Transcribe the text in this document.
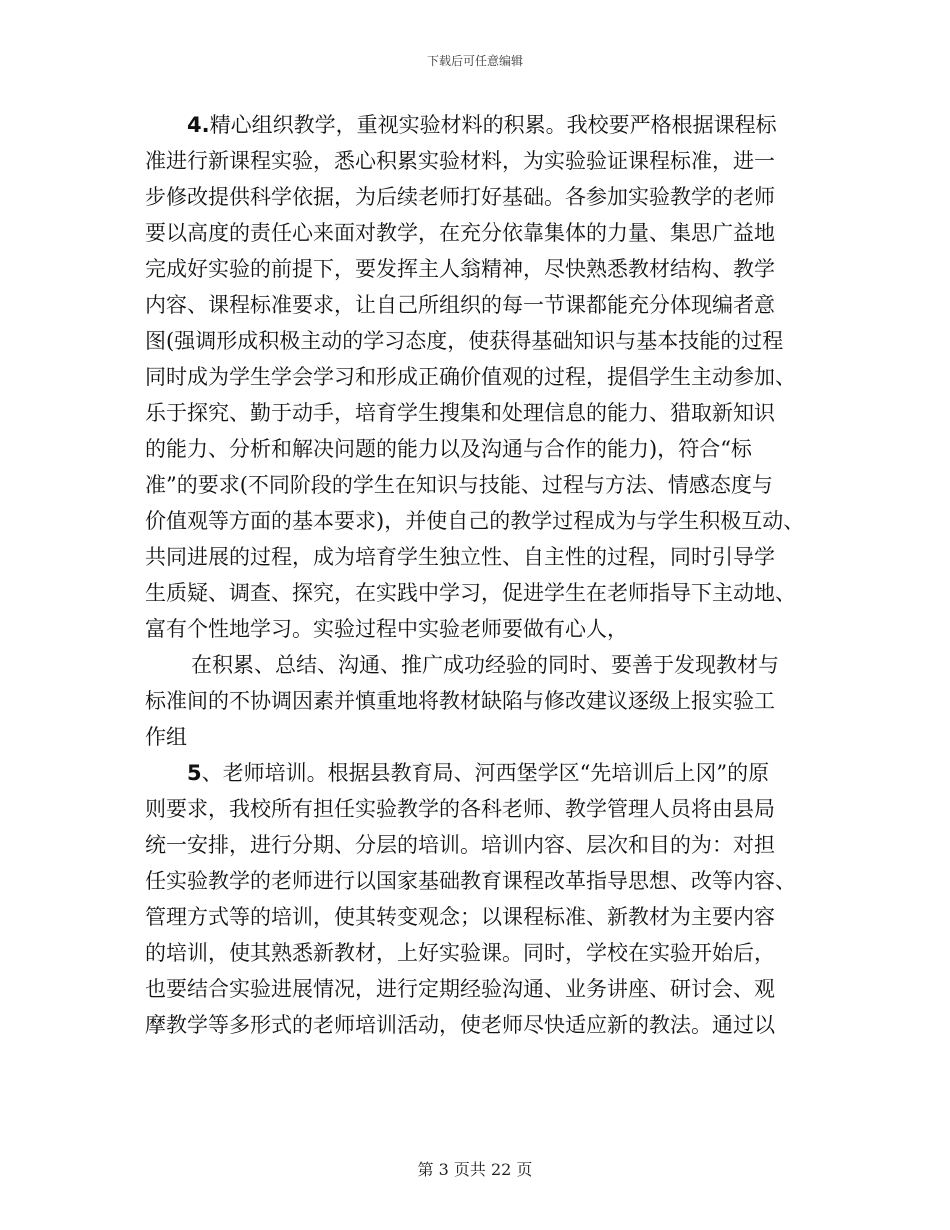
下载后可任意编辑
4.精心组织教学，重视实验材料的积累。我校要严格根据课程标
准进行新课程实验，悉心积累实验材料，为实验验证课程标准，进一
步修改提供科学依据，为后续老师打好基础。各参加实验教学的老师
要以高度的责任心来面对教学，在充分依靠集体的力量、集思广益地
完成好实验的前提下，要发挥主人翁精神，尽快熟悉教材结构、教学
内容、课程标准要求，让自己所组织的每一节课都能充分体现编者意
图(强调形成积极主动的学习态度，使获得基础知识与基本技能的过程
同时成为学生学会学习和形成正确价值观的过程，提倡学生主动参加、
乐于探究、勤于动手，培育学生搜集和处理信息的能力、猎取新知识
的能力、分析和解决问题的能力以及沟通与合作的能力)，符合“标
准”的要求(不同阶段的学生在知识与技能、过程与方法、情感态度与
价值观等方面的基本要求)，并使自己的教学过程成为与学生积极互动、
共同进展的过程，成为培育学生独立性、自主性的过程，同时引导学
生质疑、调查、探究，在实践中学习，促进学生在老师指导下主动地、
富有个性地学习。实验过程中实验老师要做有心人，
在积累、总结、沟通、推广成功经验的同时、要善于发现教材与
标准间的不协调因素并慎重地将教材缺陷与修改建议逐级上报实验工
作组
5、老师培训。根据县教育局、河西堡学区“先培训后上冈”的原
则要求，我校所有担任实验教学的各科老师、教学管理人员将由县局
统一安排，进行分期、分层的培训。培训内容、层次和目的为：对担
任实验教学的老师进行以国家基础教育课程改革指导思想、改等内容、
管理方式等的培训，使其转变观念；以课程标准、新教材为主要内容
的培训，使其熟悉新教材，上好实验课。同时，学校在实验开始后，
也要结合实验进展情况，进行定期经验沟通、业务讲座、研讨会、观
摩教学等多形式的老师培训活动，使老师尽快适应新的教法。通过以
第 3 页共 22 页
